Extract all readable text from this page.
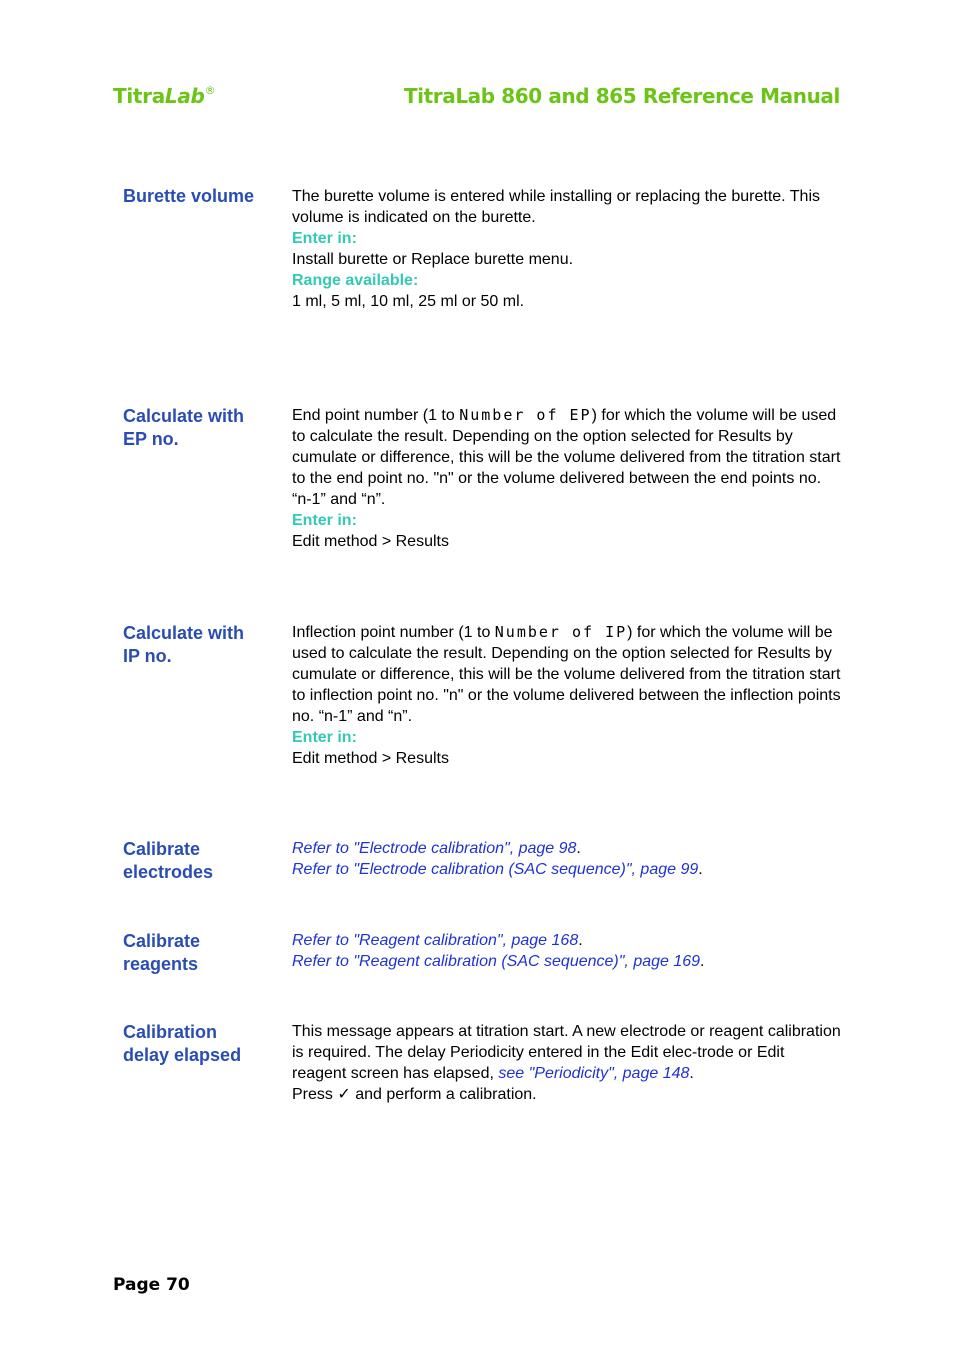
TitraLab®	TitraLab 860 and 865 Reference Manual
Burette volume	The burette volume is entered while installing or replacing the burette. This volume is indicated on the burette.

Enter in:

Install burette or Replace burette menu.

Range available:

1 ml, 5 ml, 10 ml, 25 ml or 50 ml.

Calculate with
EP no.

End point number (1 to Number of EP) for which the volume will be used to calculate the result. Depending on the option selected for Results by cumulate or difference, this will be the volume delivered from the titration start to the end point no. "n" or the volume delivered between the end points no. “n-1” and “n”.

Enter in:

Edit method > Results

Calculate with
IP no.

Inflection point number (1 to Number of IP) for which the volume will be used to calculate the result. Depending on the option selected for Results by cumulate or difference, this will be the volume delivered from the titration start to inflection point no. "n" or the volume delivered between the inflection points no. “n-1” and “n”.

Enter in:

Edit method > Results

Calibrate
electrodes

Refer to "Electrode calibration", page 98.

Refer to "Electrode calibration (SAC sequence)", page 99.

Calibrate
reagents

Refer to "Reagent calibration", page 168.

Refer to "Reagent calibration (SAC sequence)", page 169.

Calibration
delay elapsed

This message appears at titration start. A new electrode or reagent calibration is required. The delay Periodicity entered in the Edit elec-trode or Edit reagent screen has elapsed, see "Periodicity", page 148.

Press ✓ and perform a calibration.

Page 70
